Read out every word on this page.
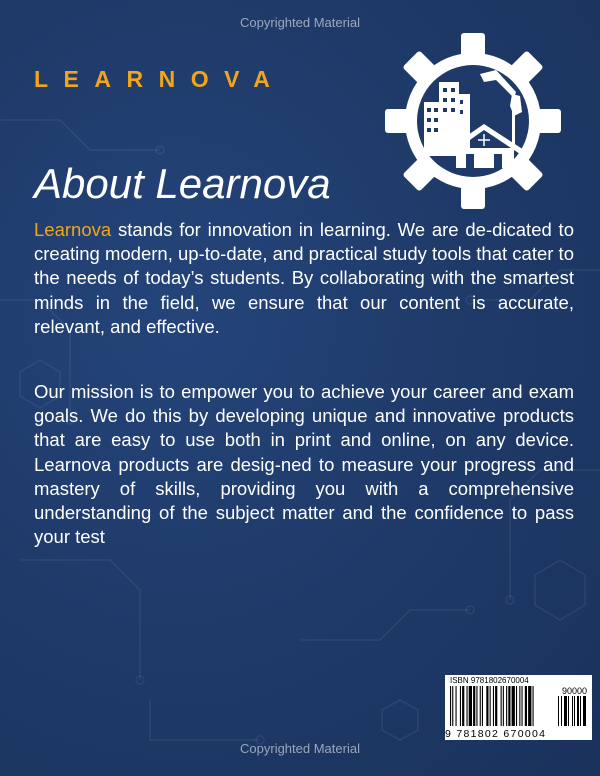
Copyrighted Material
LEARNOVA
About Learnova
Learnova stands for innovation in learning. We are de-dicated to creating modern, up-to-date, and practical study tools that cater to the needs of today’s students. By collaborating with the smartest minds in the field, we ensure that our content is accurate, relevant, and effective.
Our mission is to empower you to achieve your career and exam goals. We do this by developing unique and innovative products that are easy to use both in print and online, on any device. Learnova products are desig-ned to measure your progress and mastery of skills, providing you with a comprehensive understanding of the subject matter and the confidence to pass your test
ISBN 9781802670004
90000
9 781802 670004
Copyrighted Material
